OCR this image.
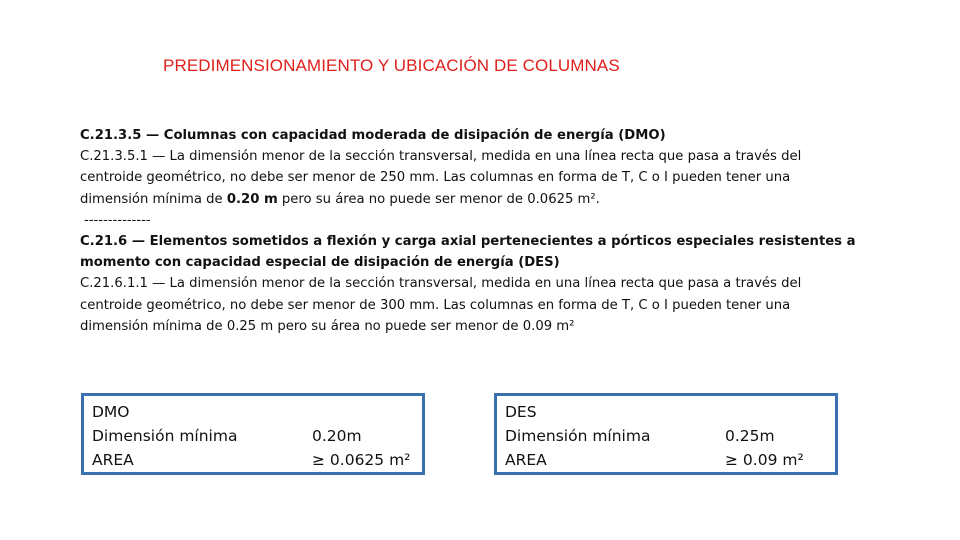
PREDIMENSIONAMIENTO Y UBICACIÓN DE COLUMNAS
C.21.3.5 — Columnas con capacidad moderada de disipación de energía (DMO)
C.21.3.5.1 — La dimensión menor de la sección transversal, medida en una línea recta que pasa a través del
centroide geométrico, no debe ser menor de 250 mm. Las columnas en forma de T, C o I pueden tener una
dimensión mínima de 0.20 m pero su área no puede ser menor de 0.0625 m².
--------------
C.21.6 — Elementos sometidos a flexión y carga axial pertenecientes a pórticos especiales resistentes a
momento con capacidad especial de disipación de energía (DES)
C.21.6.1.1 — La dimensión menor de la sección transversal, medida en una línea recta que pasa a través del
centroide geométrico, no debe ser menor de 300 mm. Las columnas en forma de T, C o I pueden tener una
dimensión mínima de 0.25 m pero su área no puede ser menor de 0.09 m²
DMO
Dimensión mínima
AREA
0.20m
≥ 0.0625 m²
DES
Dimensión mínima
AREA
0.25m
≥ 0.09 m²
